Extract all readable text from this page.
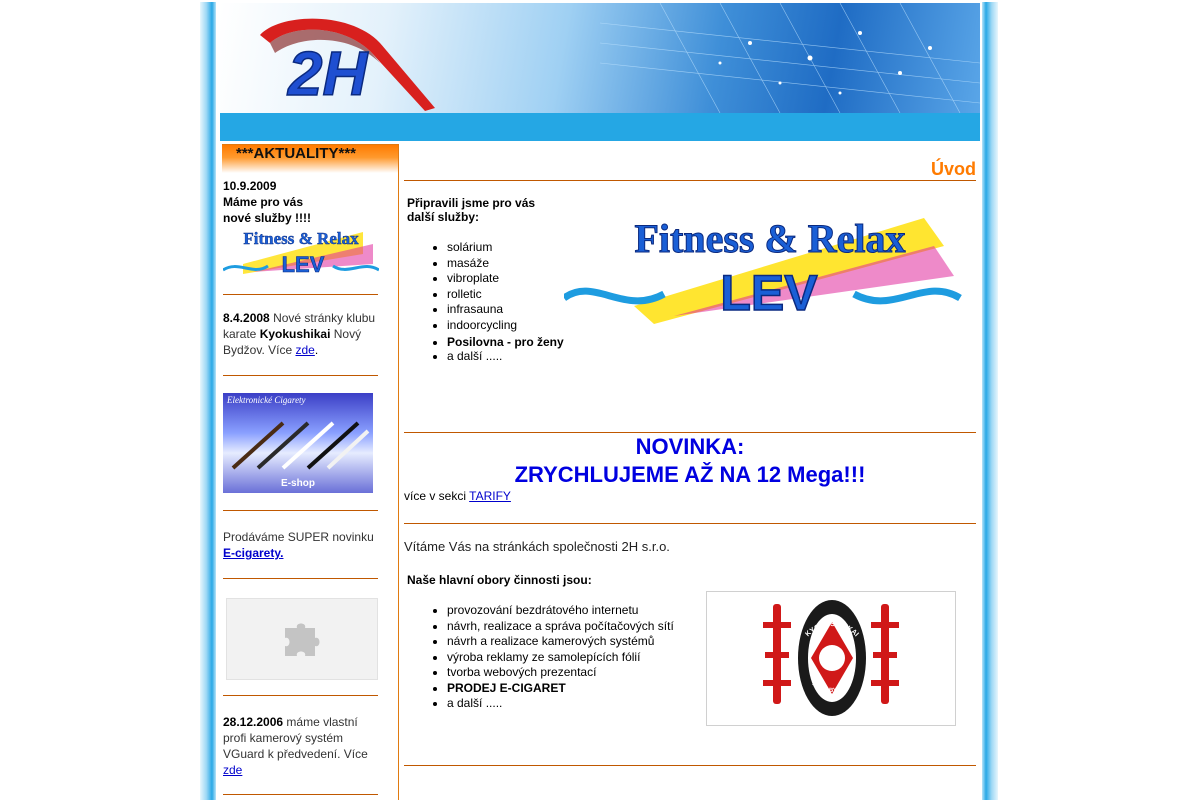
2H
***AKTUALITY***
10.9.2009
Máme pro vás
nové služby !!!!
Fitness & Relax
LEV
8.4.2008 Nové stránky klubu karate Kyokushikai Nový Bydžov. Více zde.
Elektronické Cigarety
E-shop
Prodáváme SUPER novinku
E-cigarety.
28.12.2006 máme vlastní profi kamerový systém VGuard k předvedení. Více zde
Úvod
Připravili jsme pro vás
další služby:
• solárium
• masáže
• vibroplate
• rolletic
• infrasauna
• indoorcycling
• Posilovna - pro ženy
• a další .....
Fitness & Relax
LEV
NOVINKA:
ZRYCHLUJEME AŽ NA 12 Mega!!!
více v sekci TARIFY
Vítáme Vás na stránkách společnosti 2H s.r.o.
Naše hlavní obory činnosti jsou:
• provozování bezdrátového internetu
• návrh, realizace a správa počítačových sítí
• návrh a realizace kamerových systémů
• výroba reklamy ze samolepících fólií
• tvorba webových prezentací
• PRODEJ E-CIGARET
• a další .....
KYOKUSHINKAI
NOVÝ BYDŽOV
